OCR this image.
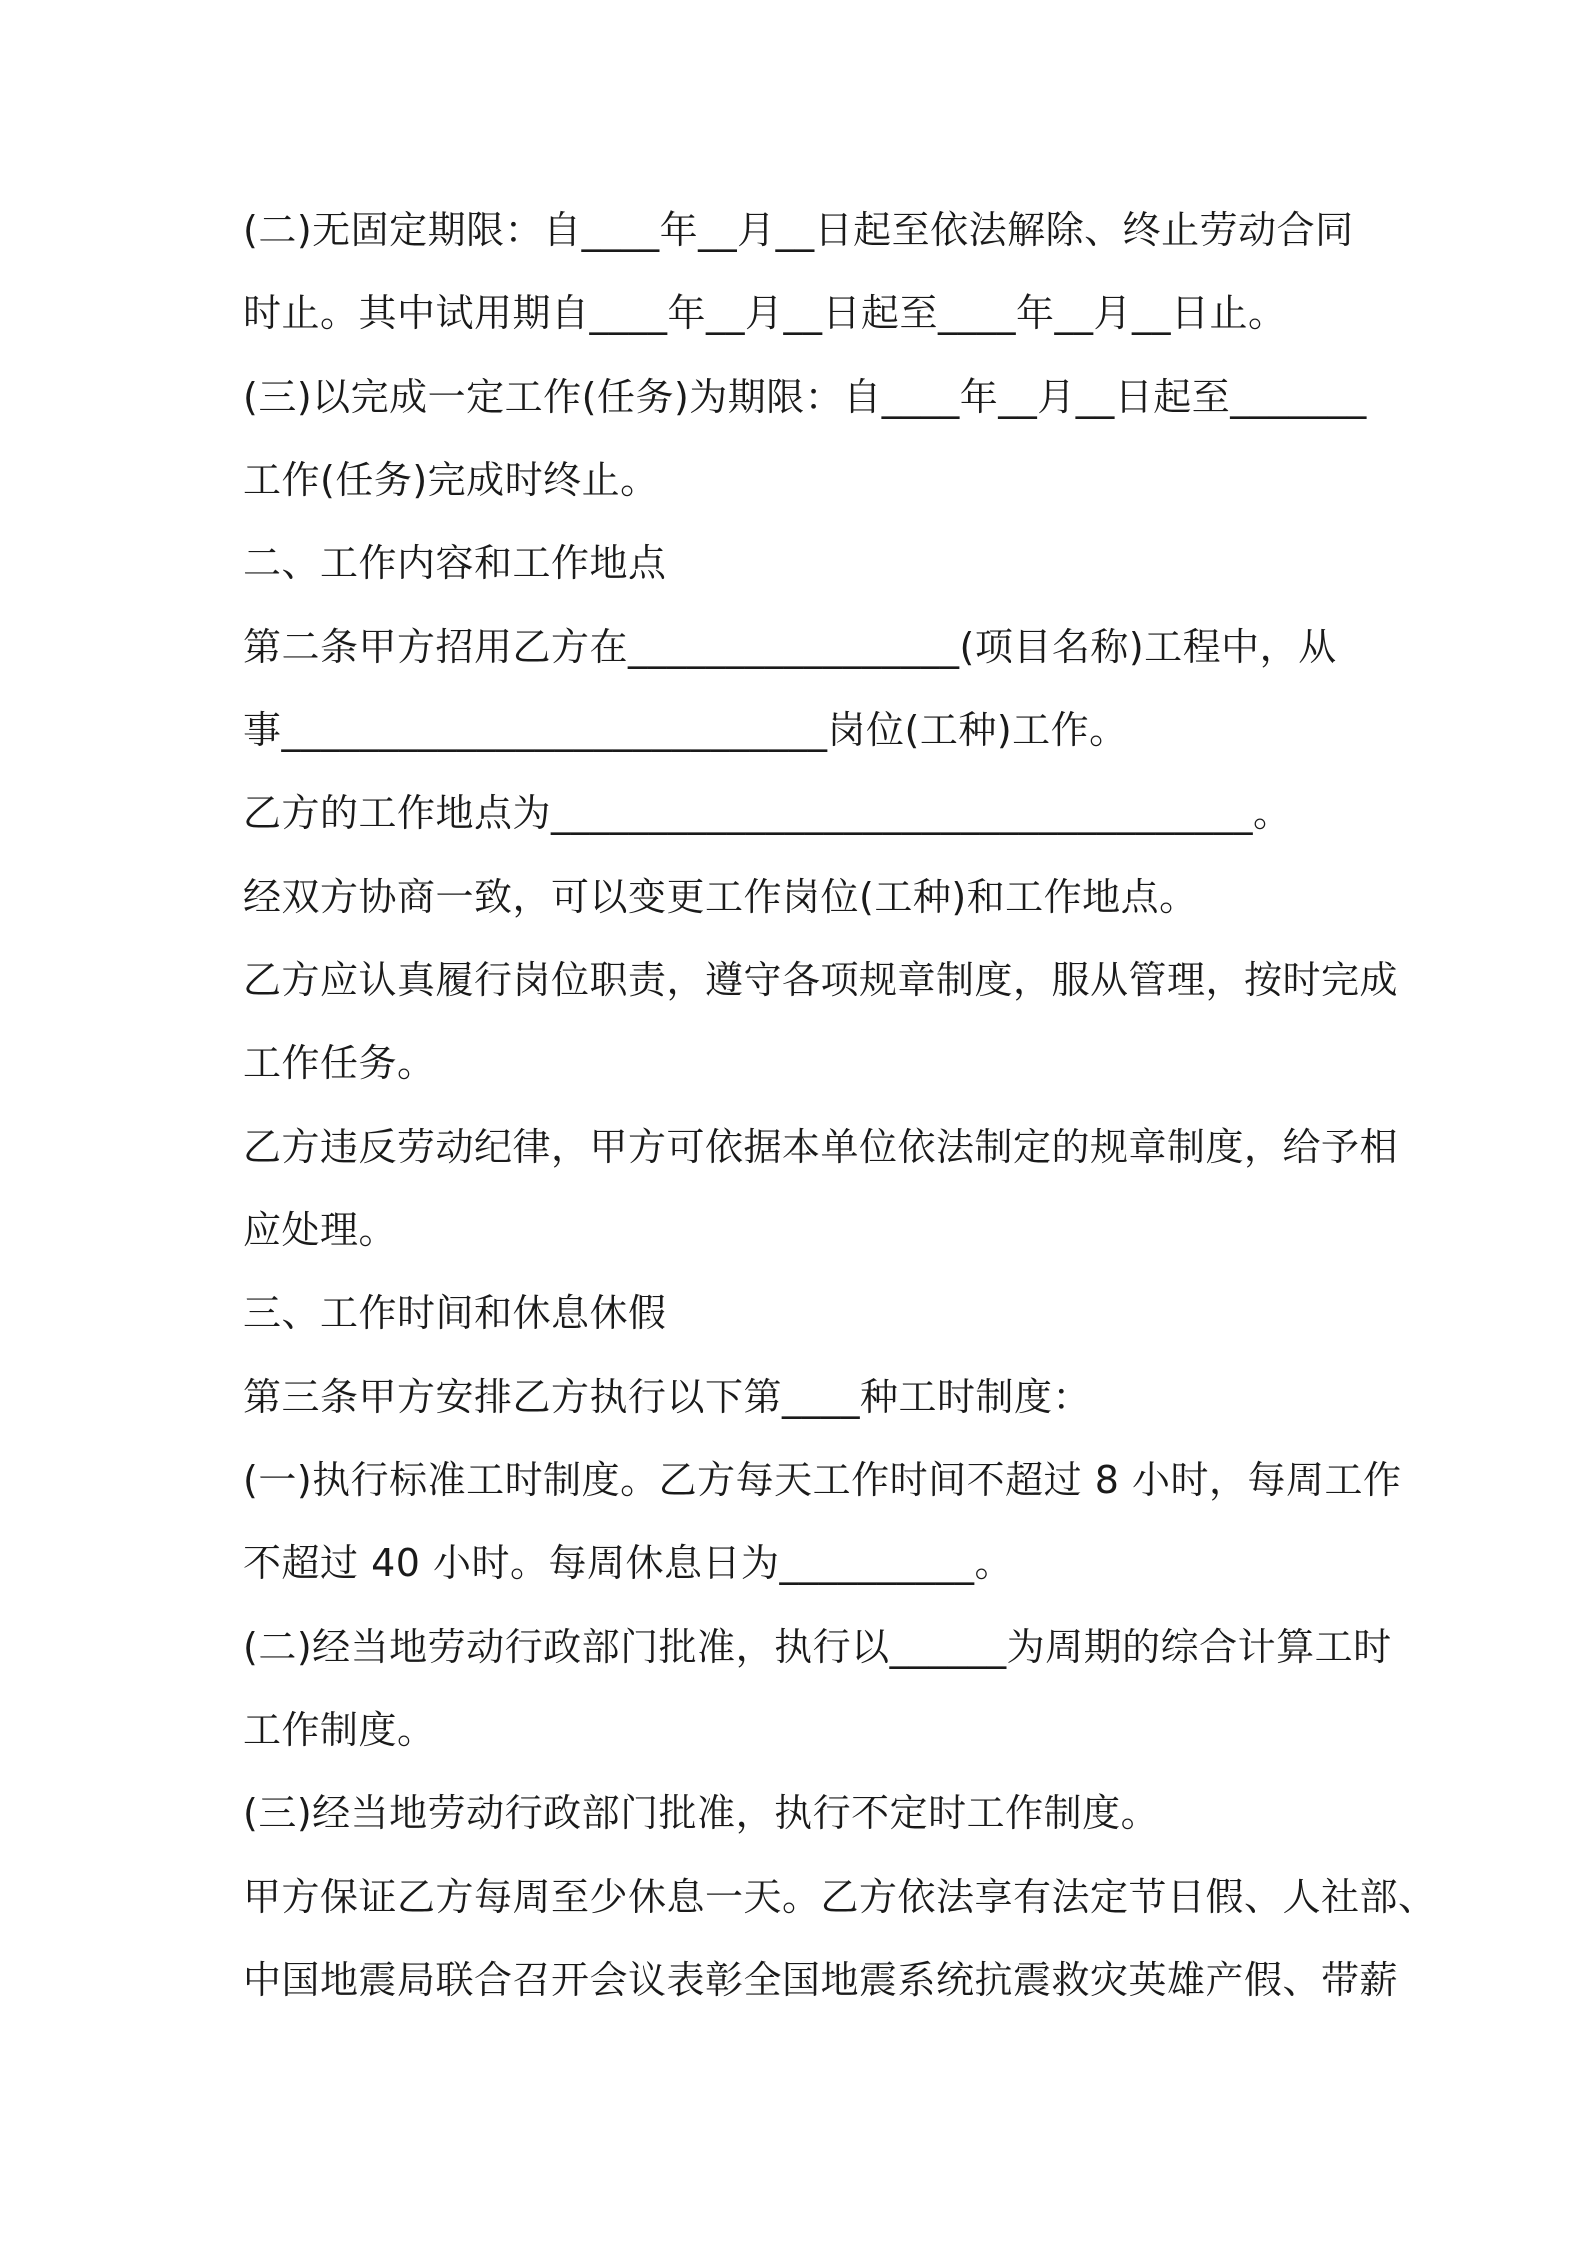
(二)无固定期限：自____年__月__日起至依法解除、终止劳动合同
时止。其中试用期自____年__月__日起至____年__月__日止。
(三)以完成一定工作(任务)为期限：自____年__月__日起至_______
工作(任务)完成时终止。
二、工作内容和工作地点
第二条甲方招用乙方在_________________(项目名称)工程中，从
事____________________________岗位(工种)工作。
乙方的工作地点为____________________________________。
经双方协商一致，可以变更工作岗位(工种)和工作地点。
乙方应认真履行岗位职责，遵守各项规章制度，服从管理，按时完成
工作任务。
乙方违反劳动纪律，甲方可依据本单位依法制定的规章制度，给予相
应处理。
三、工作时间和休息休假
第三条甲方安排乙方执行以下第____种工时制度：
(一)执行标准工时制度。乙方每天工作时间不超过 8 小时，每周工作
不超过 40 小时。每周休息日为__________。
(二)经当地劳动行政部门批准，执行以______为周期的综合计算工时
工作制度。
(三)经当地劳动行政部门批准，执行不定时工作制度。
甲方保证乙方每周至少休息一天。乙方依法享有法定节日假、人社部、
中国地震局联合召开会议表彰全国地震系统抗震救灾英雄产假、带薪
